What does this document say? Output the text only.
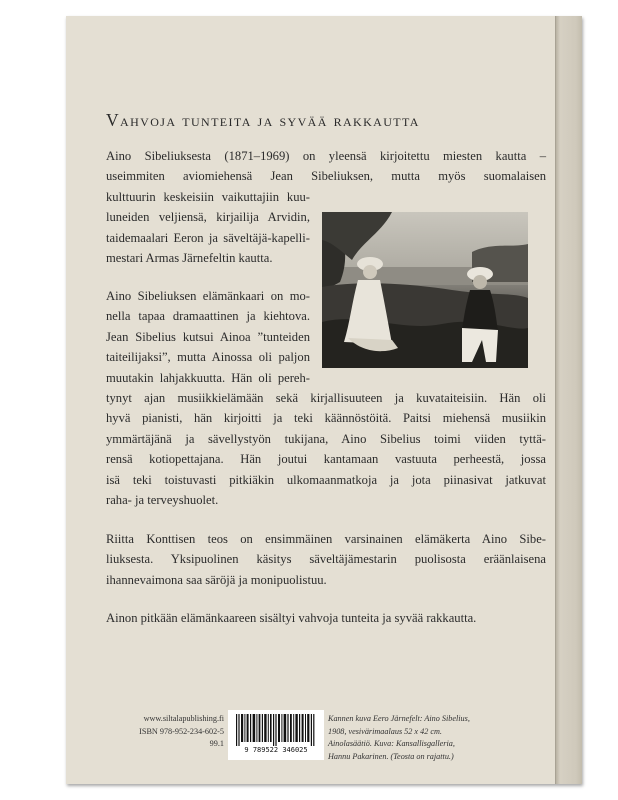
Vahvoja tunteita ja syvää rakkautta
Aino Sibeliuksesta (1871–1969) on yleensä kirjoitettu miesten kautta –
useimmiten aviomiehensä Jean Sibeliuksen, mutta myös suomalaisen
kulttuurin keskeisiin vaikuttajiin kuu-
luneiden veljiensä, kirjailija Arvidin,
taidemaalari Eeron ja säveltäjä-kapelli-
mestari Armas Järnefeltin kautta.
Aino Sibeliuksen elämänkaari on mo-
nella tapaa dramaattinen ja kiehtova.
Jean Sibelius kutsui Ainoa ”tunteiden
taiteilijaksi”, mutta Ainossa oli paljon
muutakin lahjakkuutta. Hän oli pereh-
tynyt ajan musiikkielämään sekä kirjallisuuteen ja kuvataiteisiin. Hän oli
hyvä pianisti, hän kirjoitti ja teki käännöstöitä. Paitsi miehensä musiikin
ymmärtäjänä ja sävellystyön tukijana, Aino Sibelius toimi viiden tyttä-
rensä kotiopettajana. Hän joutui kantamaan vastuuta perheestä, jossa
isä teki toistuvasti pitkiäkin ulkomaanmatkoja ja jota piinasivat jatkuvat
raha- ja terveyshuolet.
Riitta Konttisen teos on ensimmäinen varsinainen elämäkerta Aino Sibe-
liuksesta. Yksipuolinen käsitys säveltäjämestarin puolisosta eräänlaisena
ihannevaimona saa säröjä ja monipuolistuu.
Ainon pitkään elämänkaareen sisältyi vahvoja tunteita ja syvää rakkautta.
www.siltalapublishing.fi
ISBN 978-952-234-602-5
99.1
9 789522 346025
Kannen kuva Eero Järnefelt: Aino Sibelius,
1908, vesivärimaalaus 52 x 42 cm.
Ainolasäätiö. Kuva: Kansallisgalleria,
Hannu Pakarinen. (Teosta on rajattu.)
